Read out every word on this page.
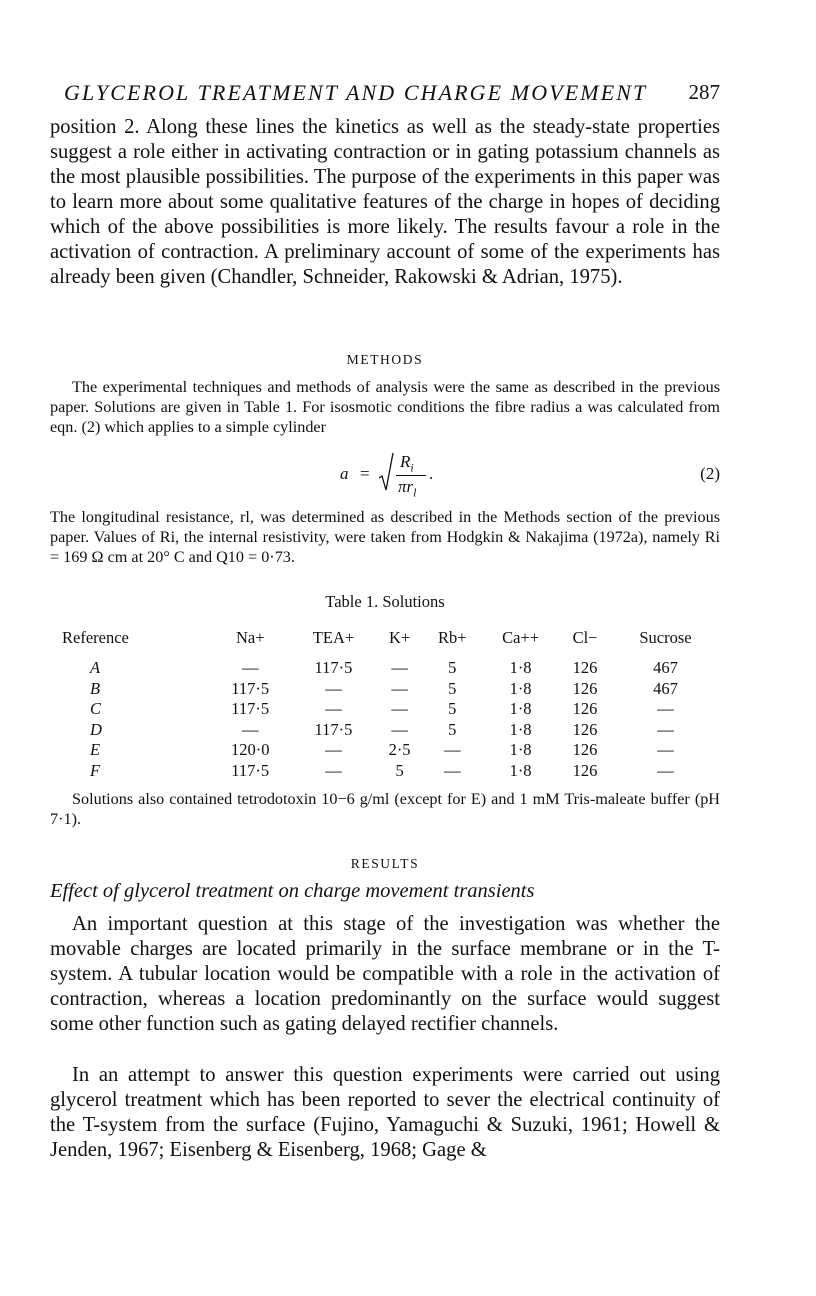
GLYCEROL TREATMENT AND CHARGE MOVEMENT 287

position 2. Along these lines the kinetics as well as the steady-state properties suggest a role either in activating contraction or in gating potassium channels as the most plausible possibilities. The purpose of the experiments in this paper was to learn more about some qualitative features of the charge in hopes of deciding which of the above possibilities is more likely. The results favour a role in the activation of contraction. A preliminary account of some of the experiments has already been given (Chandler, Schneider, Rakowski & Adrian, 1975).

METHODS

The experimental techniques and methods of analysis were the same as described in the previous paper. Solutions are given in Table 1. For isosmotic conditions the fibre radius a was calculated from eqn. (2) which applies to a simple cylinder

a =
$R_i$
$\pi r_l$
.	(2)

The longitudinal resistance, rl, was determined as described in the Methods section of the previous paper. Values of Ri, the internal resistivity, were taken from Hodgkin & Nakajima (1972a), namely Ri = 169 Ω cm at 20° C and Q10 = 0·73.

Table 1. Solutions
Reference	Na+	TEA+	K+	Rb+	Ca++	Cl−	Sucrose

A	—	117·5	—	5	1·8	126	467
B	117·5	—	—	5	1·8	126	467
C	117·5	—	—	5	1·8	126	—
D	—	117·5	—	5	1·8	126	—
E	120·0	—	2·5	—	1·8	126	—
F	117·5	—	5	—	1·8	126	—

Solutions also contained tetrodotoxin 10−6 g/ml (except for E) and 1 mM Tris-maleate buffer (pH 7·1).

RESULTS
Effect of glycerol treatment on charge movement transients

An important question at this stage of the investigation was whether the movable charges are located primarily in the surface membrane or in the T-system. A tubular location would be compatible with a role in the activation of contraction, whereas a location predominantly on the surface would suggest some other function such as gating delayed rectifier channels.

In an attempt to answer this question experiments were carried out using glycerol treatment which has been reported to sever the electrical continuity of the T-system from the surface (Fujino, Yamaguchi & Suzuki, 1961; Howell & Jenden, 1967; Eisenberg & Eisenberg, 1968; Gage &
